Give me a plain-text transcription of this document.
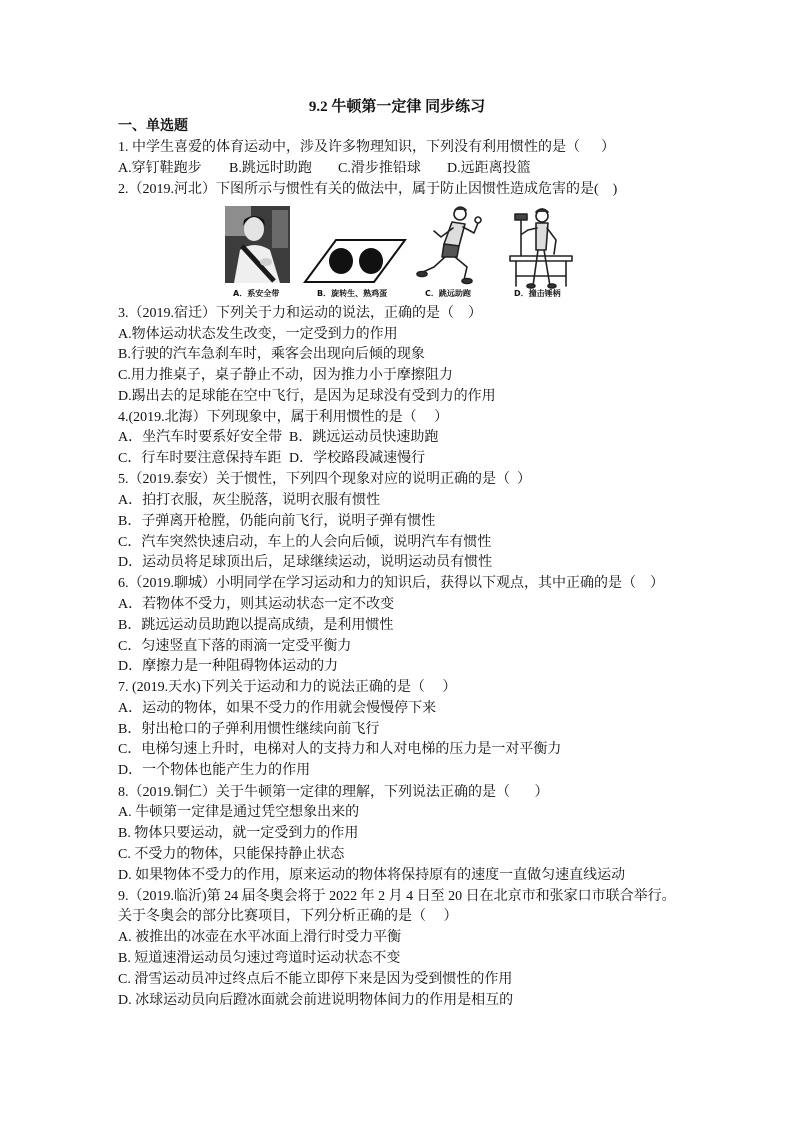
9.2 牛顿第一定律 同步练习
一、单选题
1. 中学生喜爱的体育运动中，涉及许多物理知识，下列没有利用惯性的是（      ）
A.穿钉鞋跑步 B.跳远时助跑 C.滑步推铅球 D.远距离投篮
2.（2019.河北）下图所示与惯性有关的做法中，属于防止因惯性造成危害的是(    )
A．系安全带	B．旋转生、熟鸡蛋	C．跳远助跑	D．撞击锤柄
3.（2019.宿迁）下列关于力和运动的说法，正确的是（    ）
A.物体运动状态发生改变，一定受到力的作用
B.行驶的汽车急刹车时，乘客会出现向后倾的现象
C.用力推桌子，桌子静止不动，因为推力小于摩擦阻力
D.踢出去的足球能在空中飞行，是因为足球没有受到力的作用
4.(2019.北海）下列现象中，属于利用惯性的是（     ）
A．坐汽车时要系好安全带 B．跳远运动员快速助跑
C．行车时要注意保持车距 D．学校路段减速慢行
5.（2019.泰安）关于惯性，下列四个现象对应的说明正确的是（  ）
A．拍打衣服，灰尘脱落，说明衣服有惯性
B．子弹离开枪膛，仍能向前飞行，说明子弹有惯性
C．汽车突然快速启动，车上的人会向后倾，说明汽车有惯性
D．运动员将足球顶出后，足球继续运动，说明运动员有惯性
6.（2019.聊城）小明同学在学习运动和力的知识后，获得以下观点，其中正确的是（    ）
A．若物体不受力，则其运动状态一定不改变
B．跳远运动员助跑以提高成绩，是利用惯性
C．匀速竖直下落的雨滴一定受平衡力
D．摩擦力是一种阻碍物体运动的力
7. (2019.天水)下列关于运动和力的说法正确的是（     ）
A．运动的物体，如果不受力的作用就会慢慢停下来
B．射出枪口的子弹利用惯性继续向前飞行
C．电梯匀速上升时，电梯对人的支持力和人对电梯的压力是一对平衡力
D．一个物体也能产生力的作用
8.（2019.铜仁）关于牛顿第一定律的理解，下列说法正确的是（       ）
A. 牛顿第一定律是通过凭空想象出来的
B. 物体只要运动，就一定受到力的作用
C. 不受力的物体，只能保持静止状态
D. 如果物体不受力的作用，原来运动的物体将保持原有的速度一直做匀速直线运动
9.（2019.临沂)第 24 届冬奥会将于 2022 年 2 月 4 日至 20 日在北京市和张家口市联合举行。
关于冬奥会的部分比赛项目，下列分析正确的是（     ）
A. 被推出的冰壶在水平冰面上滑行时受力平衡
B. 短道速滑运动员匀速过弯道时运动状态不变
C. 滑雪运动员冲过终点后不能立即停下来是因为受到惯性的作用
D. 冰球运动员向后蹬冰面就会前进说明物体间力的作用是相互的
